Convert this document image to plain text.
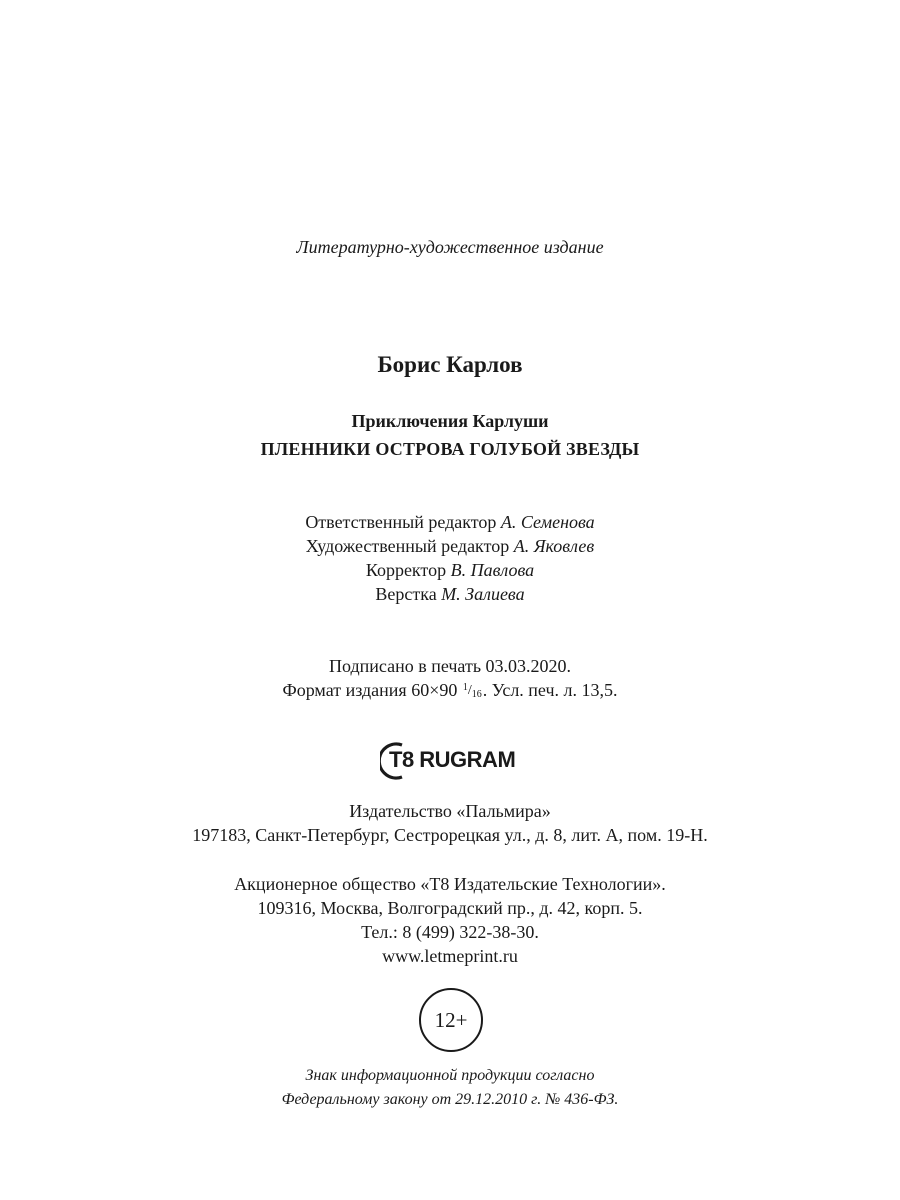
Литературно-художественное издание
Борис Карлов
Приключения Карлуши
ПЛЕННИКИ ОСТРОВА ГОЛУБОЙ ЗВЕЗДЫ
Ответственный редактор А. Семенова
Художественный редактор А. Яковлев
Корректор В. Павлова
Верстка М. Залиева
Подписано в печать 03.03.2020.
Формат издания 60×90 1/16. Усл. печ. л. 13,5.
T8 RUGRAM
Издательство «Пальмира»
197183, Санкт-Петербург, Сестрорецкая ул., д. 8, лит. А, пом. 19-Н.
Акционерное общество «Т8 Издательские Технологии».
109316, Москва, Волгоградский пр., д. 42, корп. 5.
Тел.: 8 (499) 322-38-30.
www.letmeprint.ru
12+
Знак информационной продукции согласно
Федеральному закону от 29.12.2010 г. № 436-ФЗ.
